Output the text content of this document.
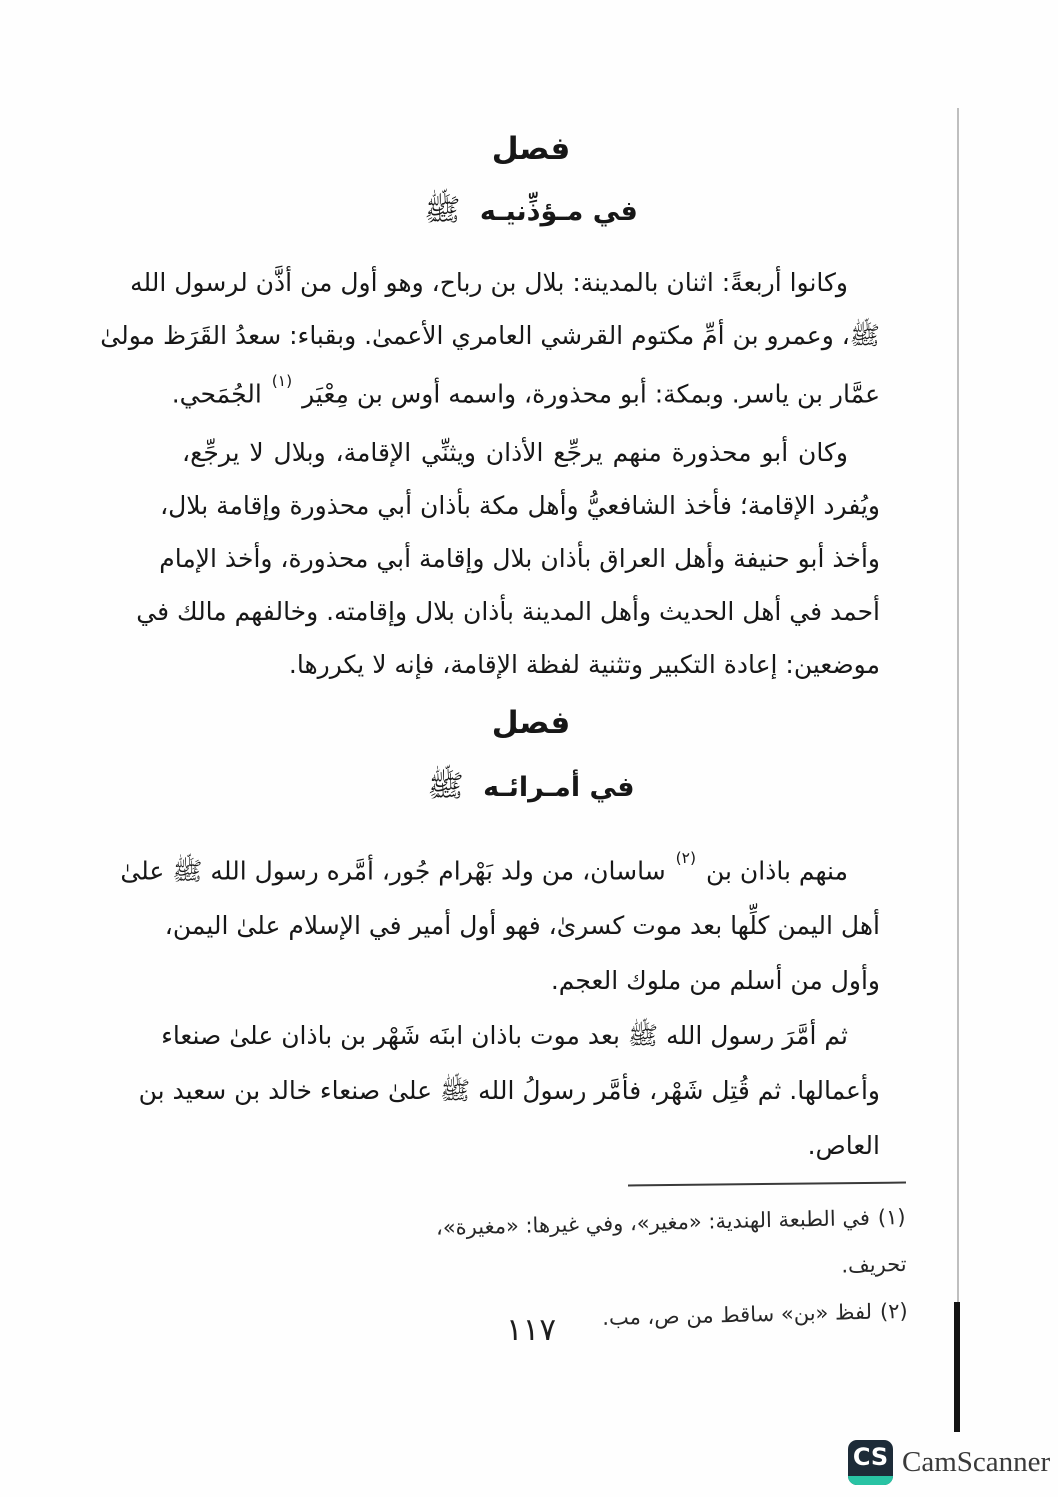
فصل
في مـؤذِّنيـه ﷺ
وكانوا أربعةً: اثنان بالمدينة: بلال بن رباح، وهو أول من أذَّن لرسول الله
ﷺ، وعمرو بن أمِّ مكتوم القرشي العامري الأعمىٰ. وبقباء: سعدُ القَرَظ مولىٰ
عمَّار بن ياسر. وبمكة: أبو محذورة، واسمه أوس بن مِعْيَر $^{(١)}$ الجُمَحي.
وكان أبو محذورة منهم يرجِّع الأذان ويثنِّي الإقامة، وبلال لا يرجِّع،
ويُفرد الإقامة؛ فأخذ الشافعيُّ وأهل مكة بأذان أبي محذورة وإقامة بلال،
وأخذ أبو حنيفة وأهل العراق بأذان بلال وإقامة أبي محذورة، وأخذ الإمام
أحمد في أهل الحديث وأهل المدينة بأذان بلال وإقامته. وخالفهم مالك في
موضعين: إعادة التكبير وتثنية لفظة الإقامة، فإنه لا يكررها.
فصل
في أمـرائـه ﷺ
منهم باذان بن $^{(٢)}$ ساسان، من ولد بَهْرام جُور، أمَّره رسول الله ﷺ علىٰ
أهل اليمن كلِّها بعد موت كسرىٰ، فهو أول أمير في الإسلام علىٰ اليمن،
وأول من أسلم من ملوك العجم.
ثم أمَّرَ رسول الله ﷺ بعد موت باذان ابنَه شَهْر بن باذان علىٰ صنعاء
وأعمالها. ثم قُتِل شَهْر، فأمَّر رسولُ الله ﷺ علىٰ صنعاء خالد بن سعيد بن
العاص.
(١)في الطبعة الهندية: «مغير»، وفي غيرها: «مغيرة»، تحريف.
(٢)لفظ «بن» ساقط من ص، مب.
١١٧
CS CamScanner
